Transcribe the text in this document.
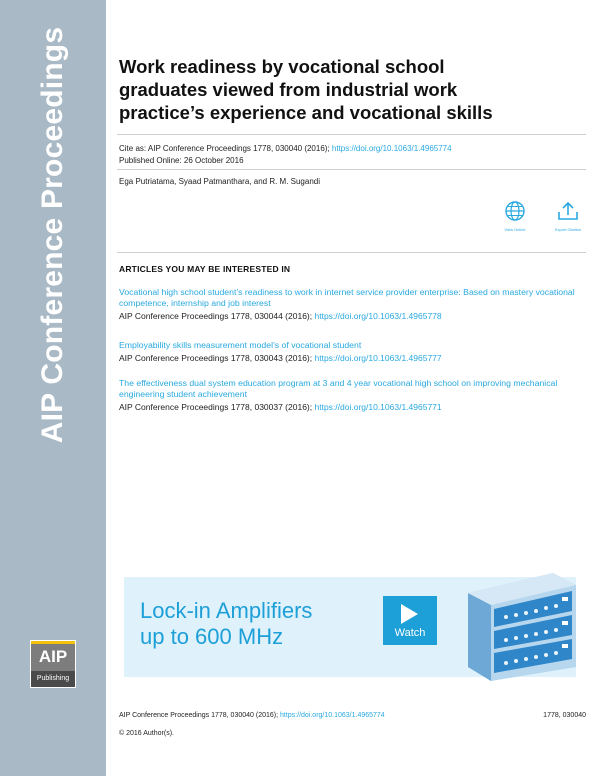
AIP Conference Proceedings
AIP
Publishing
Work readiness by vocational school graduates viewed from industrial work practice’s experience and vocational skills
Cite as: AIP Conference Proceedings 1778, 030040 (2016); https://doi.org/10.1063/1.4965774
Published Online: 26 October 2016
Ega Putriatama, Syaad Patmanthara, and R. M. Sugandi
View Online	Export Citation
ARTICLES YOU MAY BE INTERESTED IN
Vocational high school student’s readiness to work in internet service provider enterprise: Based on mastery vocational competence, internship and job interest
AIP Conference Proceedings 1778, 030044 (2016); https://doi.org/10.1063/1.4965778
Employability skills measurement model’s of vocational student
AIP Conference Proceedings 1778, 030043 (2016); https://doi.org/10.1063/1.4965777
The effectiveness dual system education program at 3 and 4 year vocational high school on improving mechanical engineering student achievement
AIP Conference Proceedings 1778, 030037 (2016); https://doi.org/10.1063/1.4965771
Lock-in Amplifiers
up to 600 MHz	Watch
AIP Conference Proceedings 1778, 030040 (2016); https://doi.org/10.1063/1.4965774	1778, 030040
© 2016 Author(s).
